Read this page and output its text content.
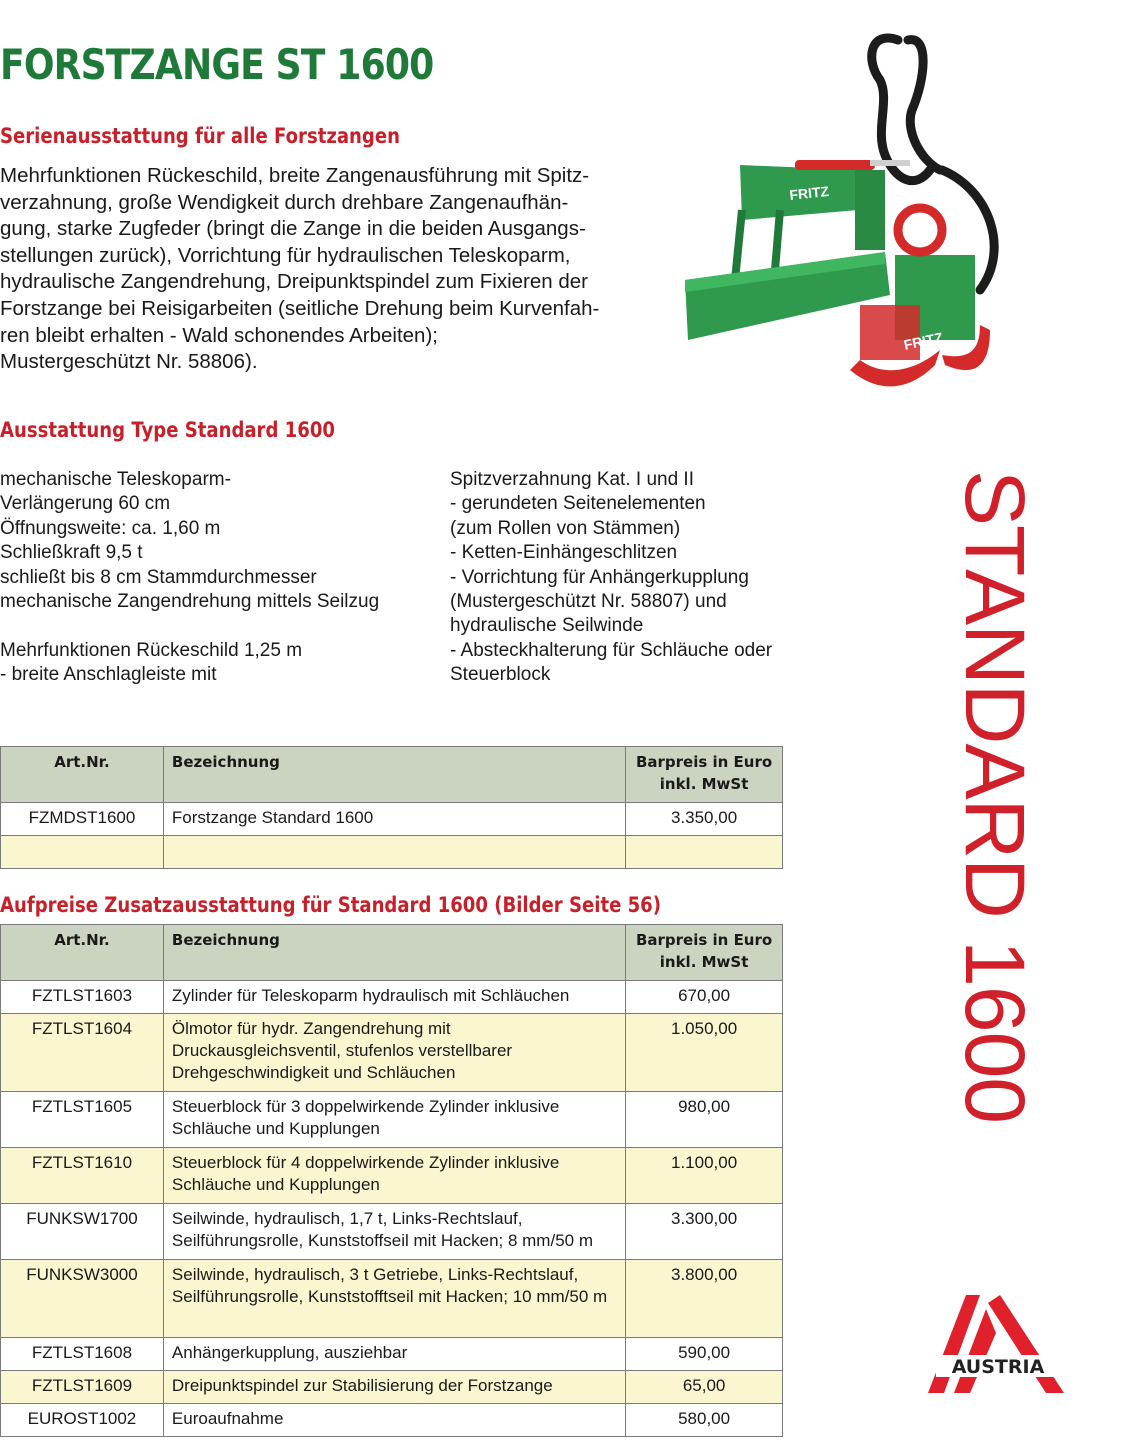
FORSTZANGE ST 1600
Serienausstattung für alle Forstzangen
Mehrfunktionen Rückeschild, breite Zangenausführung mit Spitz-
verzahnung, große Wendigkeit durch drehbare Zangenaufhän-
gung, starke Zugfeder (bringt die Zange in die beiden Ausgangs-
stellungen zurück), Vorrichtung für hydraulischen Teleskoparm,
hydraulische Zangendrehung, Dreipunktspindel zum Fixieren der
Forstzange bei Reisigarbeiten (seitliche Drehung beim Kurvenfah-
ren bleibt erhalten - Wald schonendes Arbeiten);
Mustergeschützt Nr. 58806).
FRITZ
FRITZ
Ausstattung Type Standard 1600
mechanische Teleskoparm-
Verlängerung 60 cm
Öffnungsweite: ca. 1,60 m
Schließkraft 9,5 t
schließt bis 8 cm Stammdurchmesser
mechanische Zangendrehung mittels Seilzug

Mehrfunktionen Rückeschild 1,25 m
- breite Anschlagleiste mit
Spitzverzahnung Kat. I und II
- gerundeten Seitenelementen
(zum Rollen von Stämmen)
- Ketten-Einhängeschlitzen
- Vorrichtung für Anhängerkupplung
(Mustergeschützt Nr. 58807) und
hydraulische Seilwinde
- Absteckhalterung für Schläuche oder
Steuerblock	STANDARD 1600
Art.Nr.	Bezeichnung	Barpreis in Euro inkl. MwSt
FZMDST1600	Forstzange Standard 1600	3.350,00

Aufpreise Zusatzausstattung für Standard 1600 (Bilder Seite 56)
Art.Nr.	Bezeichnung	Barpreis in Euro inkl. MwSt
FZTLST1603	Zylinder für Teleskoparm hydraulisch mit Schläuchen	670,00
FZTLST1604	Ölmotor für hydr. Zangendrehung mit Druckausgleichsventil, stufenlos verstellbarer Drehgeschwindigkeit und Schläuchen	1.050,00
FZTLST1605	Steuerblock für 3 doppelwirkende Zylinder inklusive Schläuche und Kupplungen	980,00
FZTLST1610	Steuerblock für 4 doppelwirkende Zylinder inklusive Schläuche und Kupplungen	1.100,00
FUNKSW1700	Seilwinde, hydraulisch, 1,7 t, Links-Rechtslauf, Seilführungsrolle, Kunststoffseil mit Hacken; 8 mm/50 m	3.300,00
FUNKSW3000	Seilwinde, hydraulisch, 3 t Getriebe, Links-Rechtslauf, Seilführungsrolle, Kunststofftseil mit Hacken; 10 mm/50 m	3.800,00
FZTLST1608	Anhängerkupplung, ausziehbar	590,00
FZTLST1609	Dreipunktspindel zur Stabilisierung der Forstzange	65,00
EUROST1002	Euroaufnahme	580,00
AUSTRIA
